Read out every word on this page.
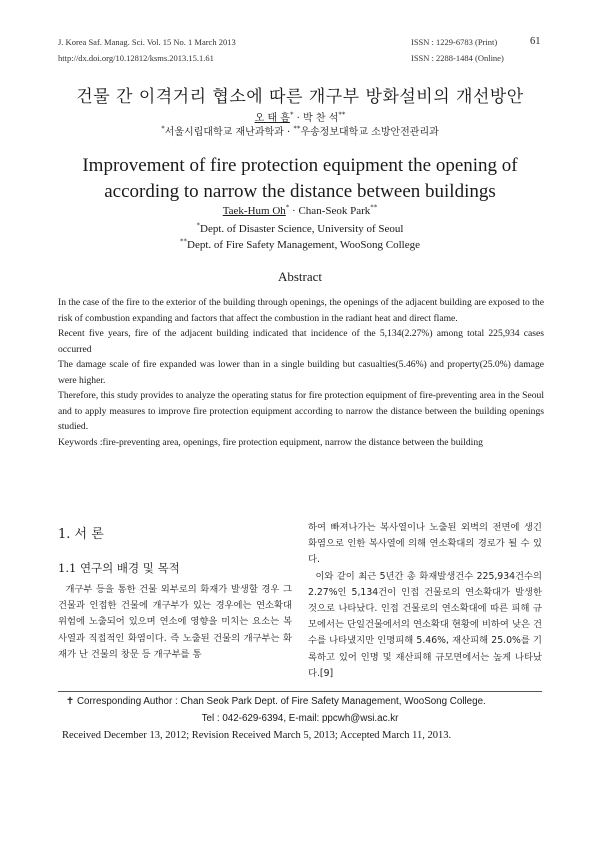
J. Korea Saf. Manag. Sci. Vol. 15 No. 1 March 2013
http://dx.doi.org/10.12812/ksms.2013.15.1.61
ISSN : 1229-6783 (Print)
ISSN : 2288-1484 (Online)
61
건물 간 이격거리 협소에 따른 개구부 방화설비의 개선방안
오 태 흠* · 박 찬 석**
*서울시립대학교 재난과학과 · **우송정보대학교 소방안전관리과
Improvement of fire protection equipment the opening of according to narrow the distance between buildings
Taek-Hum Oh* · Chan-Seok Park**
*Dept. of Disaster Science, University of Seoul
**Dept. of Fire Safety Management, WooSong College
Abstract

In the case of the fire to the exterior of the building through openings, the openings of the adjacent building are exposed to the risk of combustion expanding and factors that affect the combustion in the radiant heat and direct flame.

Recent five years, fire of the adjacent building indicated that incidence of the 5,134(2.27%) among total 225,934 cases occurred

The damage scale of fire expanded was lower than in a single building but casualties(5.46%) and property(25.0%) damage were higher.

Therefore, this study provides to analyze the operating status for fire protection equipment of fire-preventing area in the Seoul and to apply measures to improve fire protection equipment according to narrow the distance between the building openings studied.

Keywords : fire-preventing area, openings, fire protection equipment, narrow the distance between the building
1. 서 론
1.1 연구의 배경 및 목적

개구부 등을 통한 건물 외부로의 화재가 발생할 경우 그 건물과 인접한 건물에 개구부가 있는 경우에는 연소확대 위험에 노출되어 있으며 연소에 영향을 미치는 요소는 복사열과 직접적인 화염이다. 즉 노출된 건물의 개구부는 화재가 난 건물의 창문 등 개구부를 통

하여 빠져나가는 복사열이나 노출된 외벽의 전면에 생긴 화염으로 인한 복사열에 의해 연소확대의 경로가 될 수 있다.

이와 같이 최근 5년간 총 화재발생건수 225,934건수의 2.27%인 5,134건이 인접 건물로의 연소확대가 발생한 것으로 나타났다. 인접 건물로의 연소확대에 따른 피해 규모에서는 단일건물에서의 연소확대 현황에 비하여 낮은 건수를 나타냈지만 인명피해 5.46%, 재산피해 25.0%를 기록하고 있어 인명 및 재산피해 규모면에서는 높게 나타났다.[9]

✝ Corresponding Author : Chan Seok Park Dept. of Fire Safety Management, WooSong College.
Tel : 042-629-6394, E-mail: ppcwh@wsi.ac.kr
Received December 13, 2012; Revision Received March 5, 2013; Accepted March 11, 2013.
